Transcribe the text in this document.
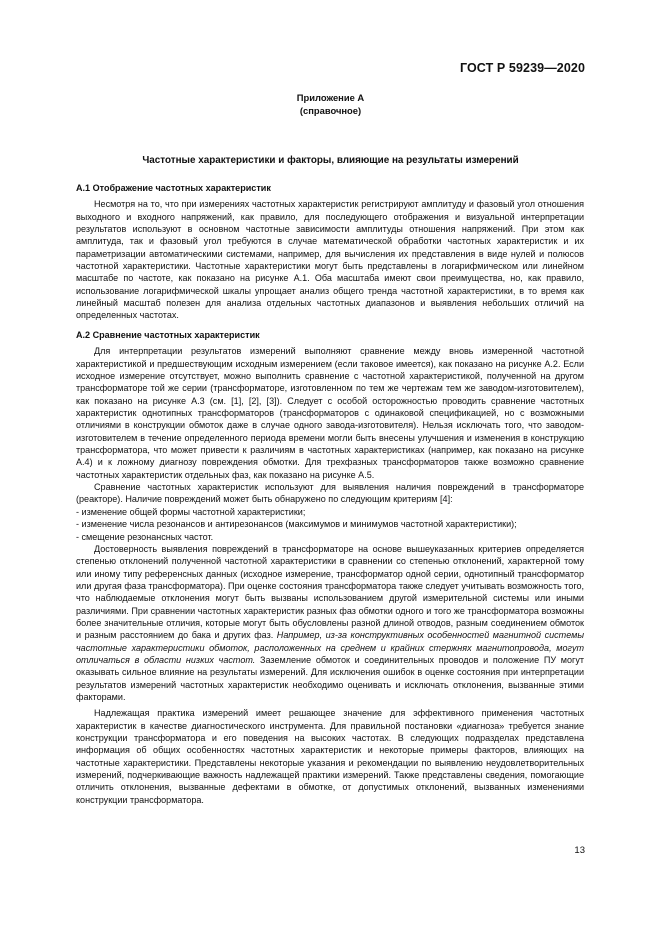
ГОСТ Р 59239—2020
Приложение А
(справочное)
Частотные характеристики и факторы, влияющие на результаты измерений
А.1 Отображение частотных характеристик

Несмотря на то, что при измерениях частотных характеристик регистрируют амплитуду и фазовый угол отношения выходного и входного напряжений, как правило, для последующего отображения и визуальной интерпретации результатов используют в основном частотные зависимости амплитуды отношения напряжений. При этом как амплитуда, так и фазовый угол требуются в случае математической обработки частотных характеристик и их параметризации автоматическими системами, например, для вычисления их представления в виде нулей и полюсов частотной характеристики. Частотные характеристики могут быть представлены в логарифмическом или линейном масштабе по частоте, как показано на рисунке А.1. Оба масштаба имеют свои преимущества, но, как правило, использование логарифмической шкалы упрощает анализ общего тренда частотной характеристики, в то время как линейный масштаб полезен для анализа отдельных частотных диапазонов и выявления небольших отличий на определенных частотах.

А.2 Сравнение частотных характеристик

Для интерпретации результатов измерений выполняют сравнение между вновь измеренной частотной характеристикой и предшествующим исходным измерением (если таковое имеется), как показано на рисунке А.2. Если исходное измерение отсутствует, можно выполнить сравнение с частотной характеристикой, полученной на другом трансформаторе той же серии (трансформаторе, изготовленном по тем же чертежам тем же заводом-изготовителем), как показано на рисунке А.3 (см. [1], [2], [3]). Следует с особой осторожностью проводить сравнение частотных характеристик однотипных трансформаторов (трансформаторов с одинаковой спецификацией, но с возможными отличиями в конструкции обмоток даже в случае одного завода-изготовителя). Нельзя исключать того, что заводом-изготовителем в течение определенного периода времени могли быть внесены улучшения и изменения в конструкцию трансформатора, что может привести к различиям в частотных характеристиках (например, как показано на рисунке А.4) и к ложному диагнозу повреждения обмотки. Для трехфазных трансформаторов также возможно сравнение частотных характеристик отдельных фаз, как показано на рисунке А.5.

Сравнение частотных характеристик используют для выявления наличия повреждений в трансформаторе (реакторе). Наличие повреждений может быть обнаружено по следующим критериям [4]:

- изменение общей формы частотной характеристики;
- изменение числа резонансов и антирезонансов (максимумов и минимумов частотной характеристики);
- смещение резонансных частот.

Достоверность выявления повреждений в трансформаторе на основе вышеуказанных критериев определяется степенью отклонений полученной частотной характеристики в сравнении со степенью отклонений, характерной тому или иному типу референсных данных (исходное измерение, трансформатор одной серии, однотипный трансформатор или другая фаза трансформатора). При оценке состояния трансформатора также следует учитывать возможность того, что наблюдаемые отклонения могут быть вызваны использованием другой измерительной системы или иными различиями. При сравнении частотных характеристик разных фаз обмотки одного и того же трансформатора возможны более значительные отличия, которые могут быть обусловлены разной длиной отводов, разным соединением обмоток и разным расстоянием до бака и других фаз. Например, из-за конструктивных особенностей магнитной системы частотные характеристики обмоток, расположенных на среднем и крайних стержнях магнитопровода, могут отличаться в области низких частот. Заземление обмоток и соединительных проводов и положение ПУ могут оказывать сильное влияние на результаты измерений. Для исключения ошибок в оценке состояния при интерпретации результатов измерений частотных характеристик необходимо оценивать и исключать отклонения, вызванные этими факторами.

Надлежащая практика измерений имеет решающее значение для эффективного применения частотных характеристик в качестве диагностического инструмента. Для правильной постановки «диагноза» требуется знание конструкции трансформатора и его поведения на высоких частотах. В следующих подразделах представлена информация об общих особенностях частотных характеристик и некоторые примеры факторов, влияющих на частотные характеристики. Представлены некоторые указания и рекомендации по выявлению неудовлетворительных измерений, подчеркивающие важность надлежащей практики измерений. Также представлены сведения, помогающие отличить отклонения, вызванные дефектами в обмотке, от допустимых отклонений, вызванных изменениями конструкции трансформатора.

13
